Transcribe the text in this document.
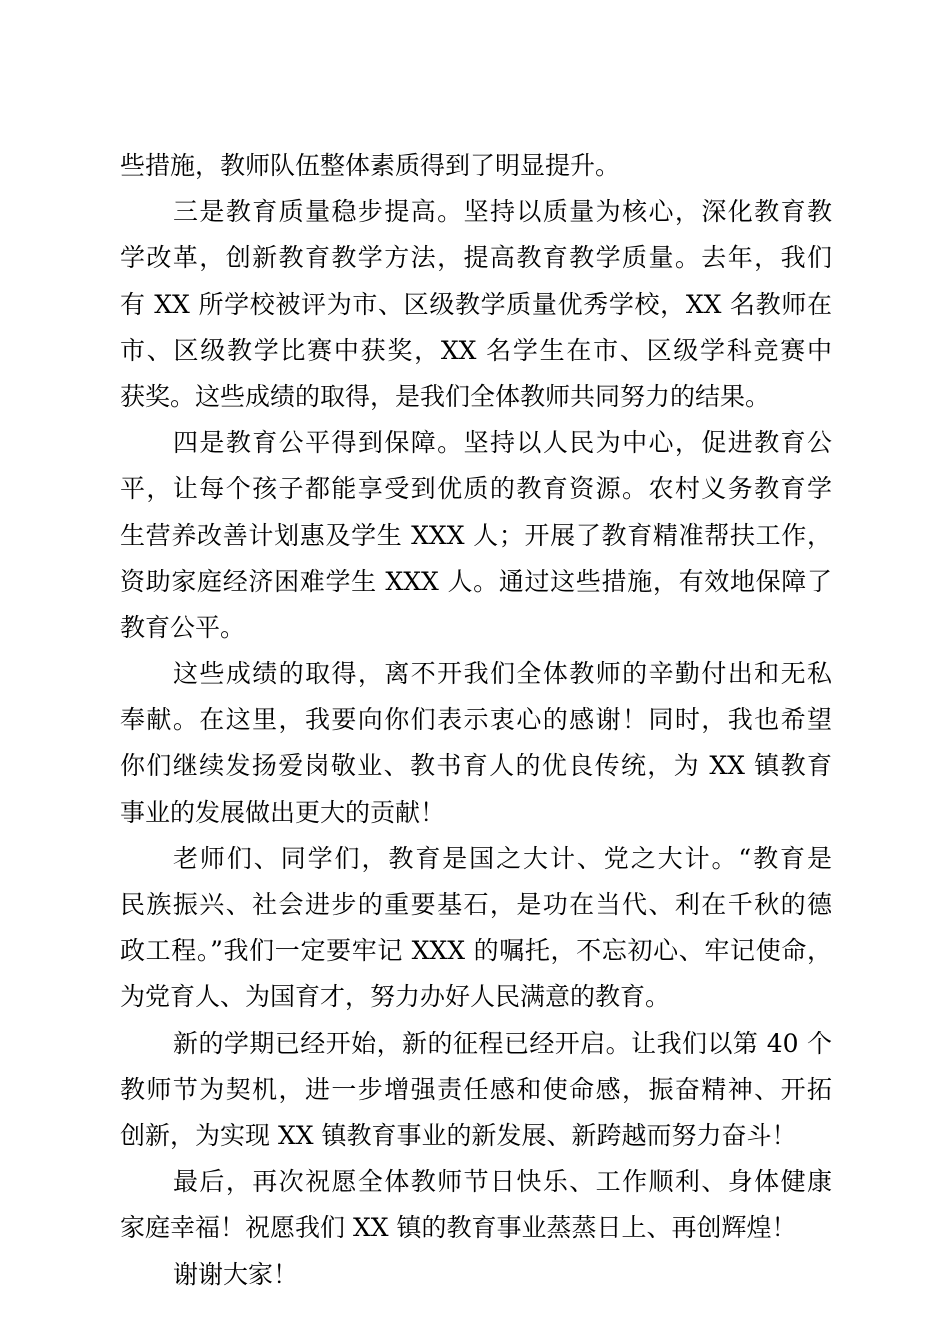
些措施，教师队伍整体素质得到了明显提升。
三是教育质量稳步提高。坚持以质量为核心，深化教育教
学改革，创新教育教学方法，提高教育教学质量。去年，我们
有 XX 所学校被评为市、区级教学质量优秀学校，XX 名教师在
市、区级教学比赛中获奖，XX 名学生在市、区级学科竞赛中
获奖。这些成绩的取得，是我们全体教师共同努力的结果。
四是教育公平得到保障。坚持以人民为中心，促进教育公
平，让每个孩子都能享受到优质的教育资源。农村义务教育学
生营养改善计划惠及学生 XXX 人；开展了教育精准帮扶工作，
资助家庭经济困难学生 XXX 人。通过这些措施，有效地保障了
教育公平。
这些成绩的取得，离不开我们全体教师的辛勤付出和无私
奉献。在这里，我要向你们表示衷心的感谢！同时，我也希望
你们继续发扬爱岗敬业、教书育人的优良传统，为 XX 镇教育
事业的发展做出更大的贡献！
老师们、同学们，教育是国之大计、党之大计。“教育是
民族振兴、社会进步的重要基石，是功在当代、利在千秋的德
政工程。”我们一定要牢记 XXX 的嘱托，不忘初心、牢记使命，
为党育人、为国育才，努力办好人民满意的教育。
新的学期已经开始，新的征程已经开启。让我们以第 40 个
教师节为契机，进一步增强责任感和使命感，振奋精神、开拓
创新，为实现 XX 镇教育事业的新发展、新跨越而努力奋斗！
最后，再次祝愿全体教师节日快乐、工作顺利、身体健康
家庭幸福！祝愿我们 XX 镇的教育事业蒸蒸日上、再创辉煌！
谢谢大家！
